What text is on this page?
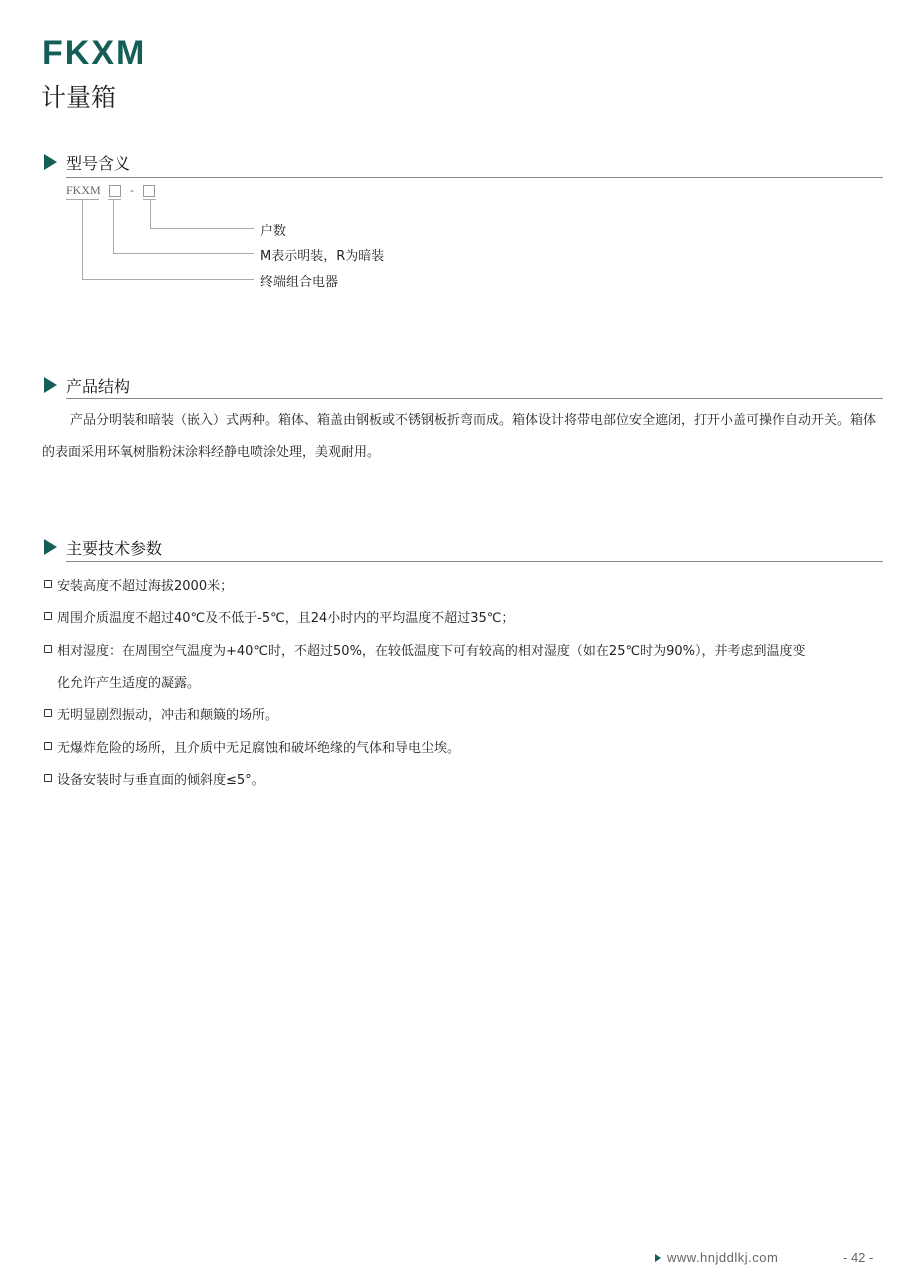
FKXM
计量箱
型号含义
FKXM -
户数
M表示明装，R为暗装
终端组合电器
产品结构
产品分明装和暗装（嵌入）式两种。箱体、箱盖由钢板或不锈钢板折弯而成。箱体设计将带电部位安全遮闭，打开小盖可操作自动开关。箱体的表面采用环氧树脂粉沫涂料经静电喷涂处理，美观耐用。
主要技术参数
安装高度不超过海拔2000米；
周围介质温度不超过40℃及不低于-5℃，且24小时内的平均温度不超过35℃；
相对湿度：在周围空气温度为+40℃时，不超过50%，在较低温度下可有较高的相对湿度（如在25℃时为90%），并考虑到温度变
化允许产生适度的凝露。
无明显剧烈振动，冲击和颠簸的场所。
无爆炸危险的场所，且介质中无足腐蚀和破坏绝缘的气体和导电尘埃。
设备安装时与垂直面的倾斜度≤5°。
www.hnjddlkj.com	- 42 -
